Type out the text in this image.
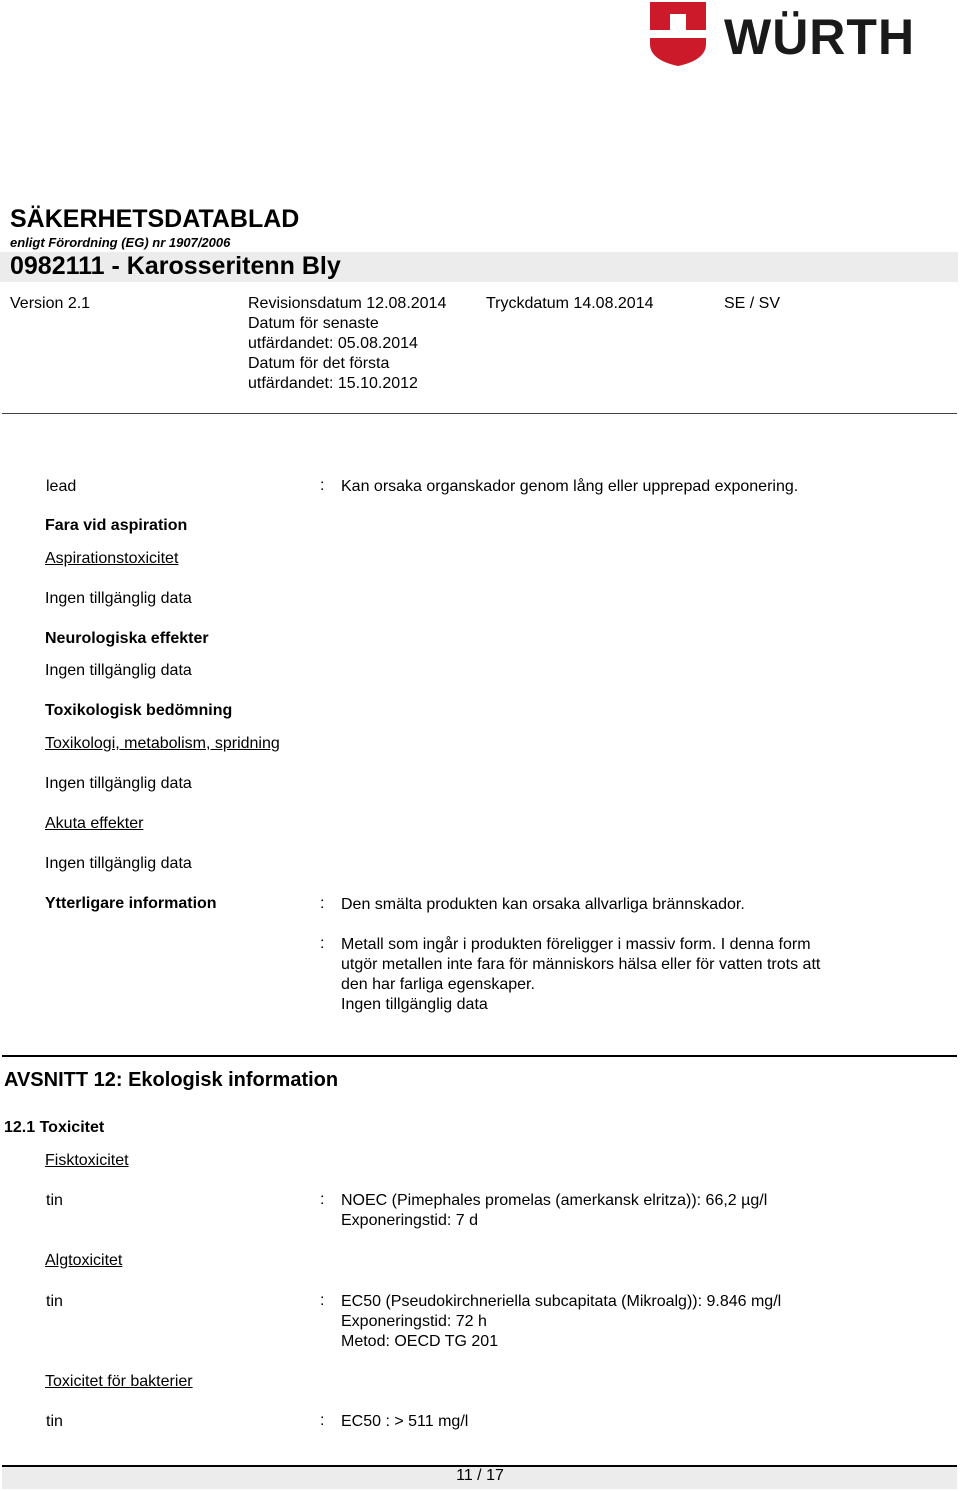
WÜRTH
SÄKERHETSDATABLAD
enligt Förordning (EG) nr 1907/2006
0982111 - Karosseritenn Bly
Version 2.1	Revisionsdatum 12.08.2014
Datum för senaste
utfärdandet: 05.08.2014
Datum för det första
utfärdandet: 15.10.2012
Tryckdatum 14.08.2014	SE / SV
lead	: Kan orsaka organskador genom lång eller upprepad exponering.
Fara vid aspiration
Aspirationstoxicitet
Ingen tillgänglig data
Neurologiska effekter
Ingen tillgänglig data
Toxikologisk bedömning
Toxikologi, metabolism, spridning
Ingen tillgänglig data
Akuta effekter
Ingen tillgänglig data
Ytterligare information	: Den smälta produkten kan orsaka allvarliga brännskador.
: Metall som ingår i produkten föreligger i massiv form. I denna form
utgör metallen inte fara för människors hälsa eller för vatten trots att
den har farliga egenskaper.
Ingen tillgänglig data
AVSNITT 12: Ekologisk information
12.1 Toxicitet
Fisktoxicitet
tin	: NOEC (Pimephales promelas (amerkansk elritza)): 66,2 µg/l
Exponeringstid: 7 d
Algtoxicitet
tin	: EC50 (Pseudokirchneriella subcapitata (Mikroalg)): 9.846 mg/l
Exponeringstid: 72 h
Metod: OECD TG 201
Toxicitet för bakterier
tin	: EC50 : > 511 mg/l
11 / 17
